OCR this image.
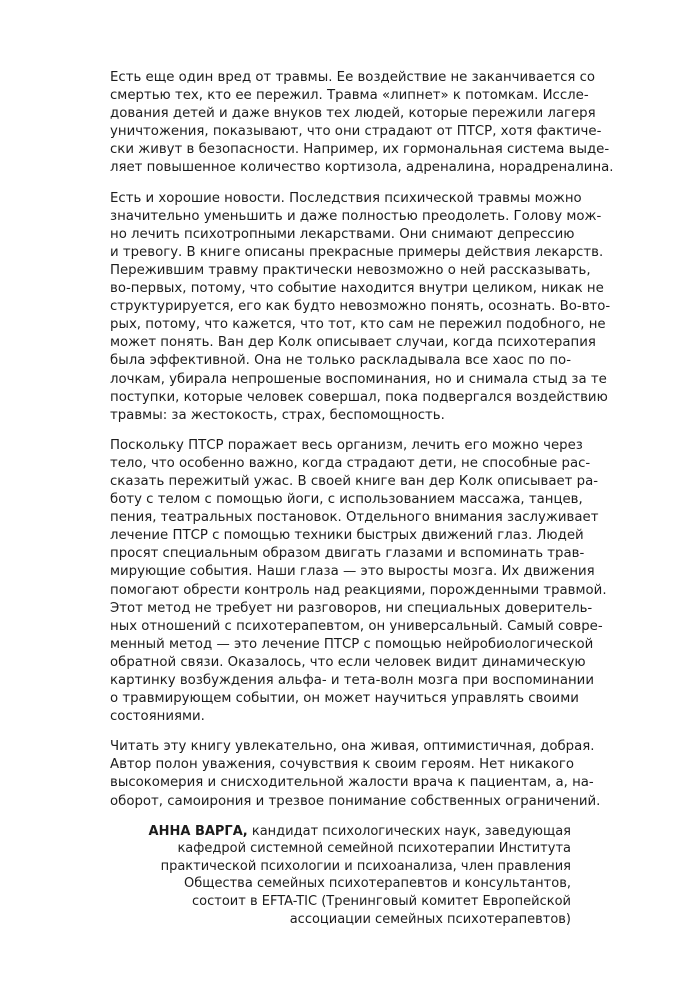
Есть еще один вред от травмы. Ее воздействие не заканчивается со
смертью тех, кто ее пережил. Травма «липнет» к потомкам. Иссле-
дования детей и даже внуков тех людей, которые пережили лагеря
уничтожения, показывают, что они страдают от ПТСР, хотя фактиче-
ски живут в безопасности. Например, их гормональная система выде-
ляет повышенное количество кортизола, адреналина, норадреналина.

Есть и хорошие новости. Последствия психической травмы можно
значительно уменьшить и даже полностью преодолеть. Голову мож-
но лечить психотропными лекарствами. Они снимают депрессию
и тревогу. В книге описаны прекрасные примеры действия лекарств.
Пережившим травму практически невозможно о ней рассказывать,
во-первых, потому, что событие находится внутри целиком, никак не
структурируется, его как будто невозможно понять, осознать. Во-вто-
рых, потому, что кажется, что тот, кто сам не пережил подобного, не
может понять. Ван дер Колк описывает случаи, когда психотерапия
была эффективной. Она не только раскладывала все хаос по по-
лочкам, убирала непрошеные воспоминания, но и снимала стыд за те
поступки, которые человек совершал, пока подвергался воздействию
травмы: за жестокость, страх, беспомощность.

Поскольку ПТСР поражает весь организм, лечить его можно через
тело, что особенно важно, когда страдают дети, не способные рас-
сказать пережитый ужас. В своей книге ван дер Колк описывает ра-
боту с телом с помощью йоги, с использованием массажа, танцев,
пения, театральных постановок. Отдельного внимания заслуживает
лечение ПТСР с помощью техники быстрых движений глаз. Людей
просят специальным образом двигать глазами и вспоминать трав-
мирующие события. Наши глаза — это выросты мозга. Их движения
помогают обрести контроль над реакциями, порожденными травмой.
Этот метод не требует ни разговоров, ни специальных доверитель-
ных отношений с психотерапевтом, он универсальный. Самый совре-
менный метод — это лечение ПТСР с помощью нейробиологической
обратной связи. Оказалось, что если человек видит динамическую
картинку возбуждения альфа- и тета-волн мозга при воспоминании
о травмирующем событии, он может научиться управлять своими
состояниями.

Читать эту книгу увлекательно, она живая, оптимистичная, добрая.
Автор полон уважения, сочувствия к своим героям. Нет никакого
высокомерия и снисходительной жалости врача к пациентам, а, на-
оборот, самоирония и трезвое понимание собственных ограничений.

АННА ВАРГА, кандидат психологических наук, заведующая
кафедрой системной семейной психотерапии Института
практической психологии и психоанализа, член правления
Общества семейных психотерапевтов и консультантов,
состоит в EFTA-TIC (Тренинговый комитет Европейской
ассоциации семейных психотерапевтов)
